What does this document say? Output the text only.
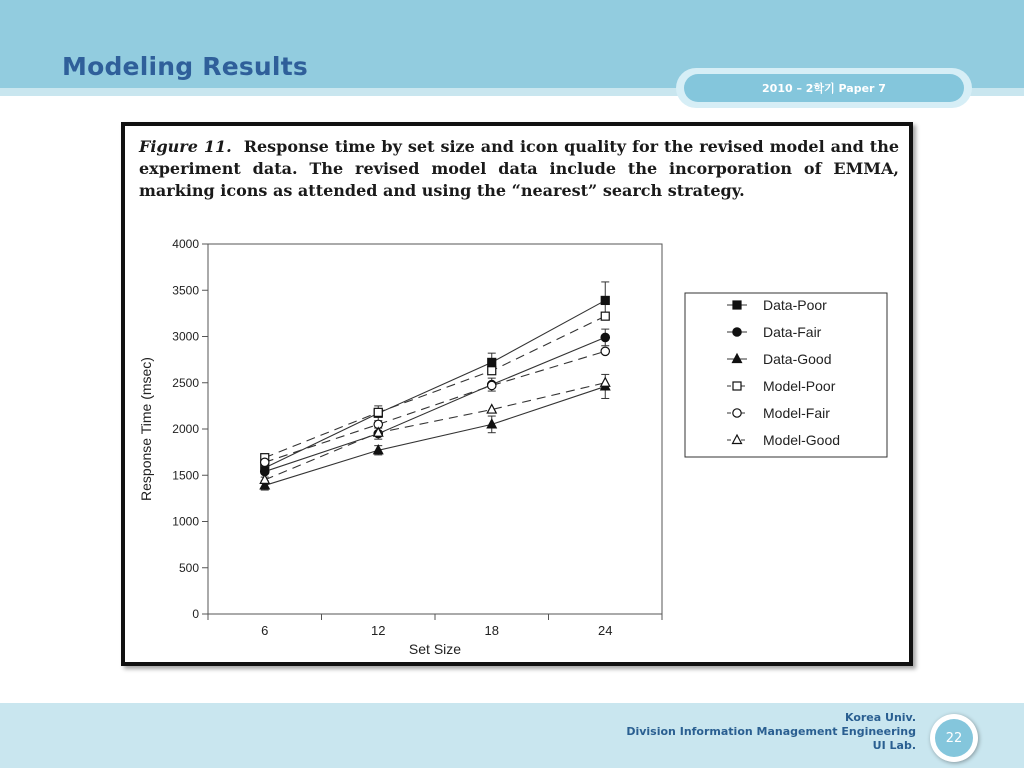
Modeling Results
2010 – 2학기 Paper 7

Figure 11. Response time by set size and icon quality for the revised model and the experiment data. The revised model data include the incorporation of EMMA, marking icons as attended and using the “nearest” search strategy.

0
500
1000
1500
2000
2500
3000
3500
4000
6	12	18	24
Set Size
Response Time (msec)
Data-Poor
Data-Fair
Data-Good
Model-Poor
Model-Fair
Model-Good
Korea Univ.
Division Information Management Engineering
UI Lab.	22
